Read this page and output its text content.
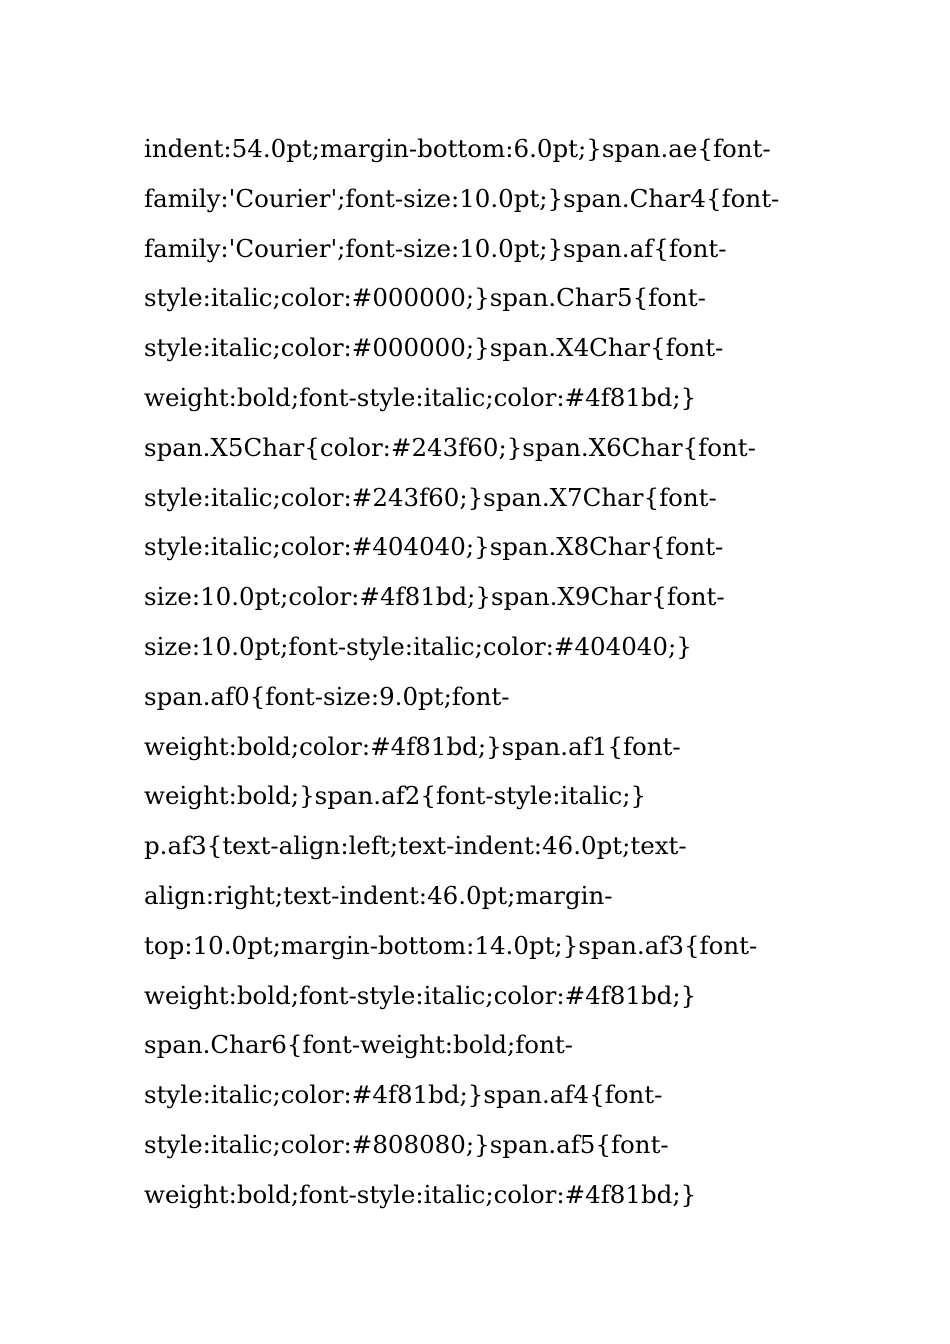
indent:54.0pt;margin-bottom:6.0pt;}span.ae{font-
family:'Courier';font-size:10.0pt;}span.Char4{font-
family:'Courier';font-size:10.0pt;}span.af{font-
style:italic;color:#000000;}span.Char5{font-
style:italic;color:#000000;}span.X4Char{font-
weight:bold;font-style:italic;color:#4f81bd;}
span.X5Char{color:#243f60;}span.X6Char{font-
style:italic;color:#243f60;}span.X7Char{font-
style:italic;color:#404040;}span.X8Char{font-
size:10.0pt;color:#4f81bd;}span.X9Char{font-
size:10.0pt;font-style:italic;color:#404040;}
span.af0{font-size:9.0pt;font-
weight:bold;color:#4f81bd;}span.af1{font-
weight:bold;}span.af2{font-style:italic;}
p.af3{text-align:left;text-indent:46.0pt;text-
align:right;text-indent:46.0pt;margin-
top:10.0pt;margin-bottom:14.0pt;}span.af3{font-
weight:bold;font-style:italic;color:#4f81bd;}
span.Char6{font-weight:bold;font-
style:italic;color:#4f81bd;}span.af4{font-
style:italic;color:#808080;}span.af5{font-
weight:bold;font-style:italic;color:#4f81bd;}
